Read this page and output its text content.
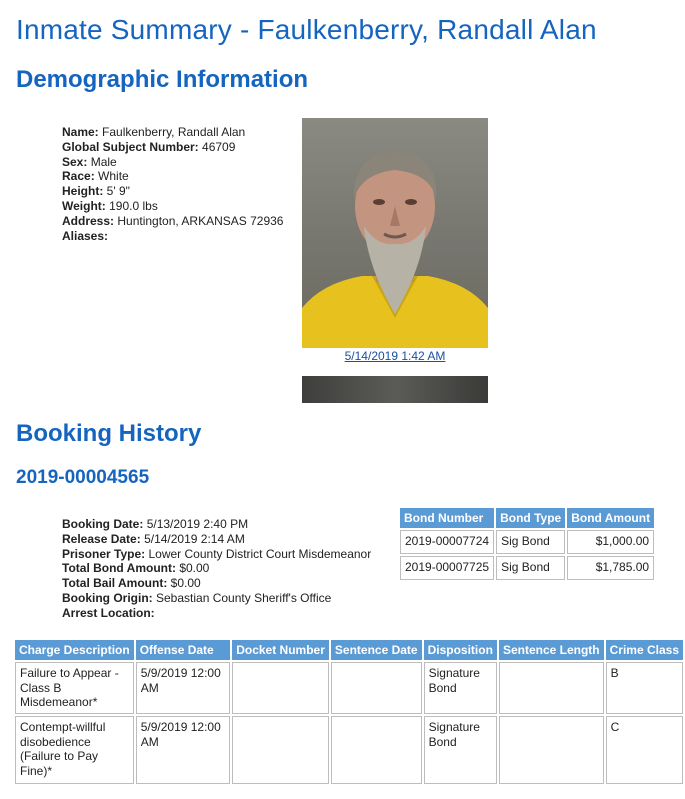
Inmate Summary - Faulkenberry, Randall Alan
Demographic Information
Name: Faulkenberry, Randall Alan
Global Subject Number: 46709
Sex: Male
Race: White
Height: 5' 9"
Weight: 190.0 lbs
Address: Huntington, ARKANSAS 72936
Aliases:
5/14/2019 1:42 AM
Booking History
2019-00004565
Booking Date: 5/13/2019 2:40 PM
Release Date: 5/14/2019 2:14 AM
Prisoner Type: Lower County District Court Misdemeanor
Total Bond Amount: $0.00
Total Bail Amount: $0.00
Booking Origin: Sebastian County Sheriff's Office
Arrest Location:
Bond Number	Bond Type	Bond Amount
2019-00007724	Sig Bond	$1,000.00
2019-00007725	Sig Bond	$1,785.00
Charge Description	Offense Date	Docket Number	Sentence Date	Disposition	Sentence Length	Crime Class
Failure to Appear - Class B Misdemeanor*	5/9/2019 12:00 AM			Signature Bond		B
Contempt-willful disobedience (Failure to Pay Fine)*	5/9/2019 12:00 AM			Signature Bond		C
